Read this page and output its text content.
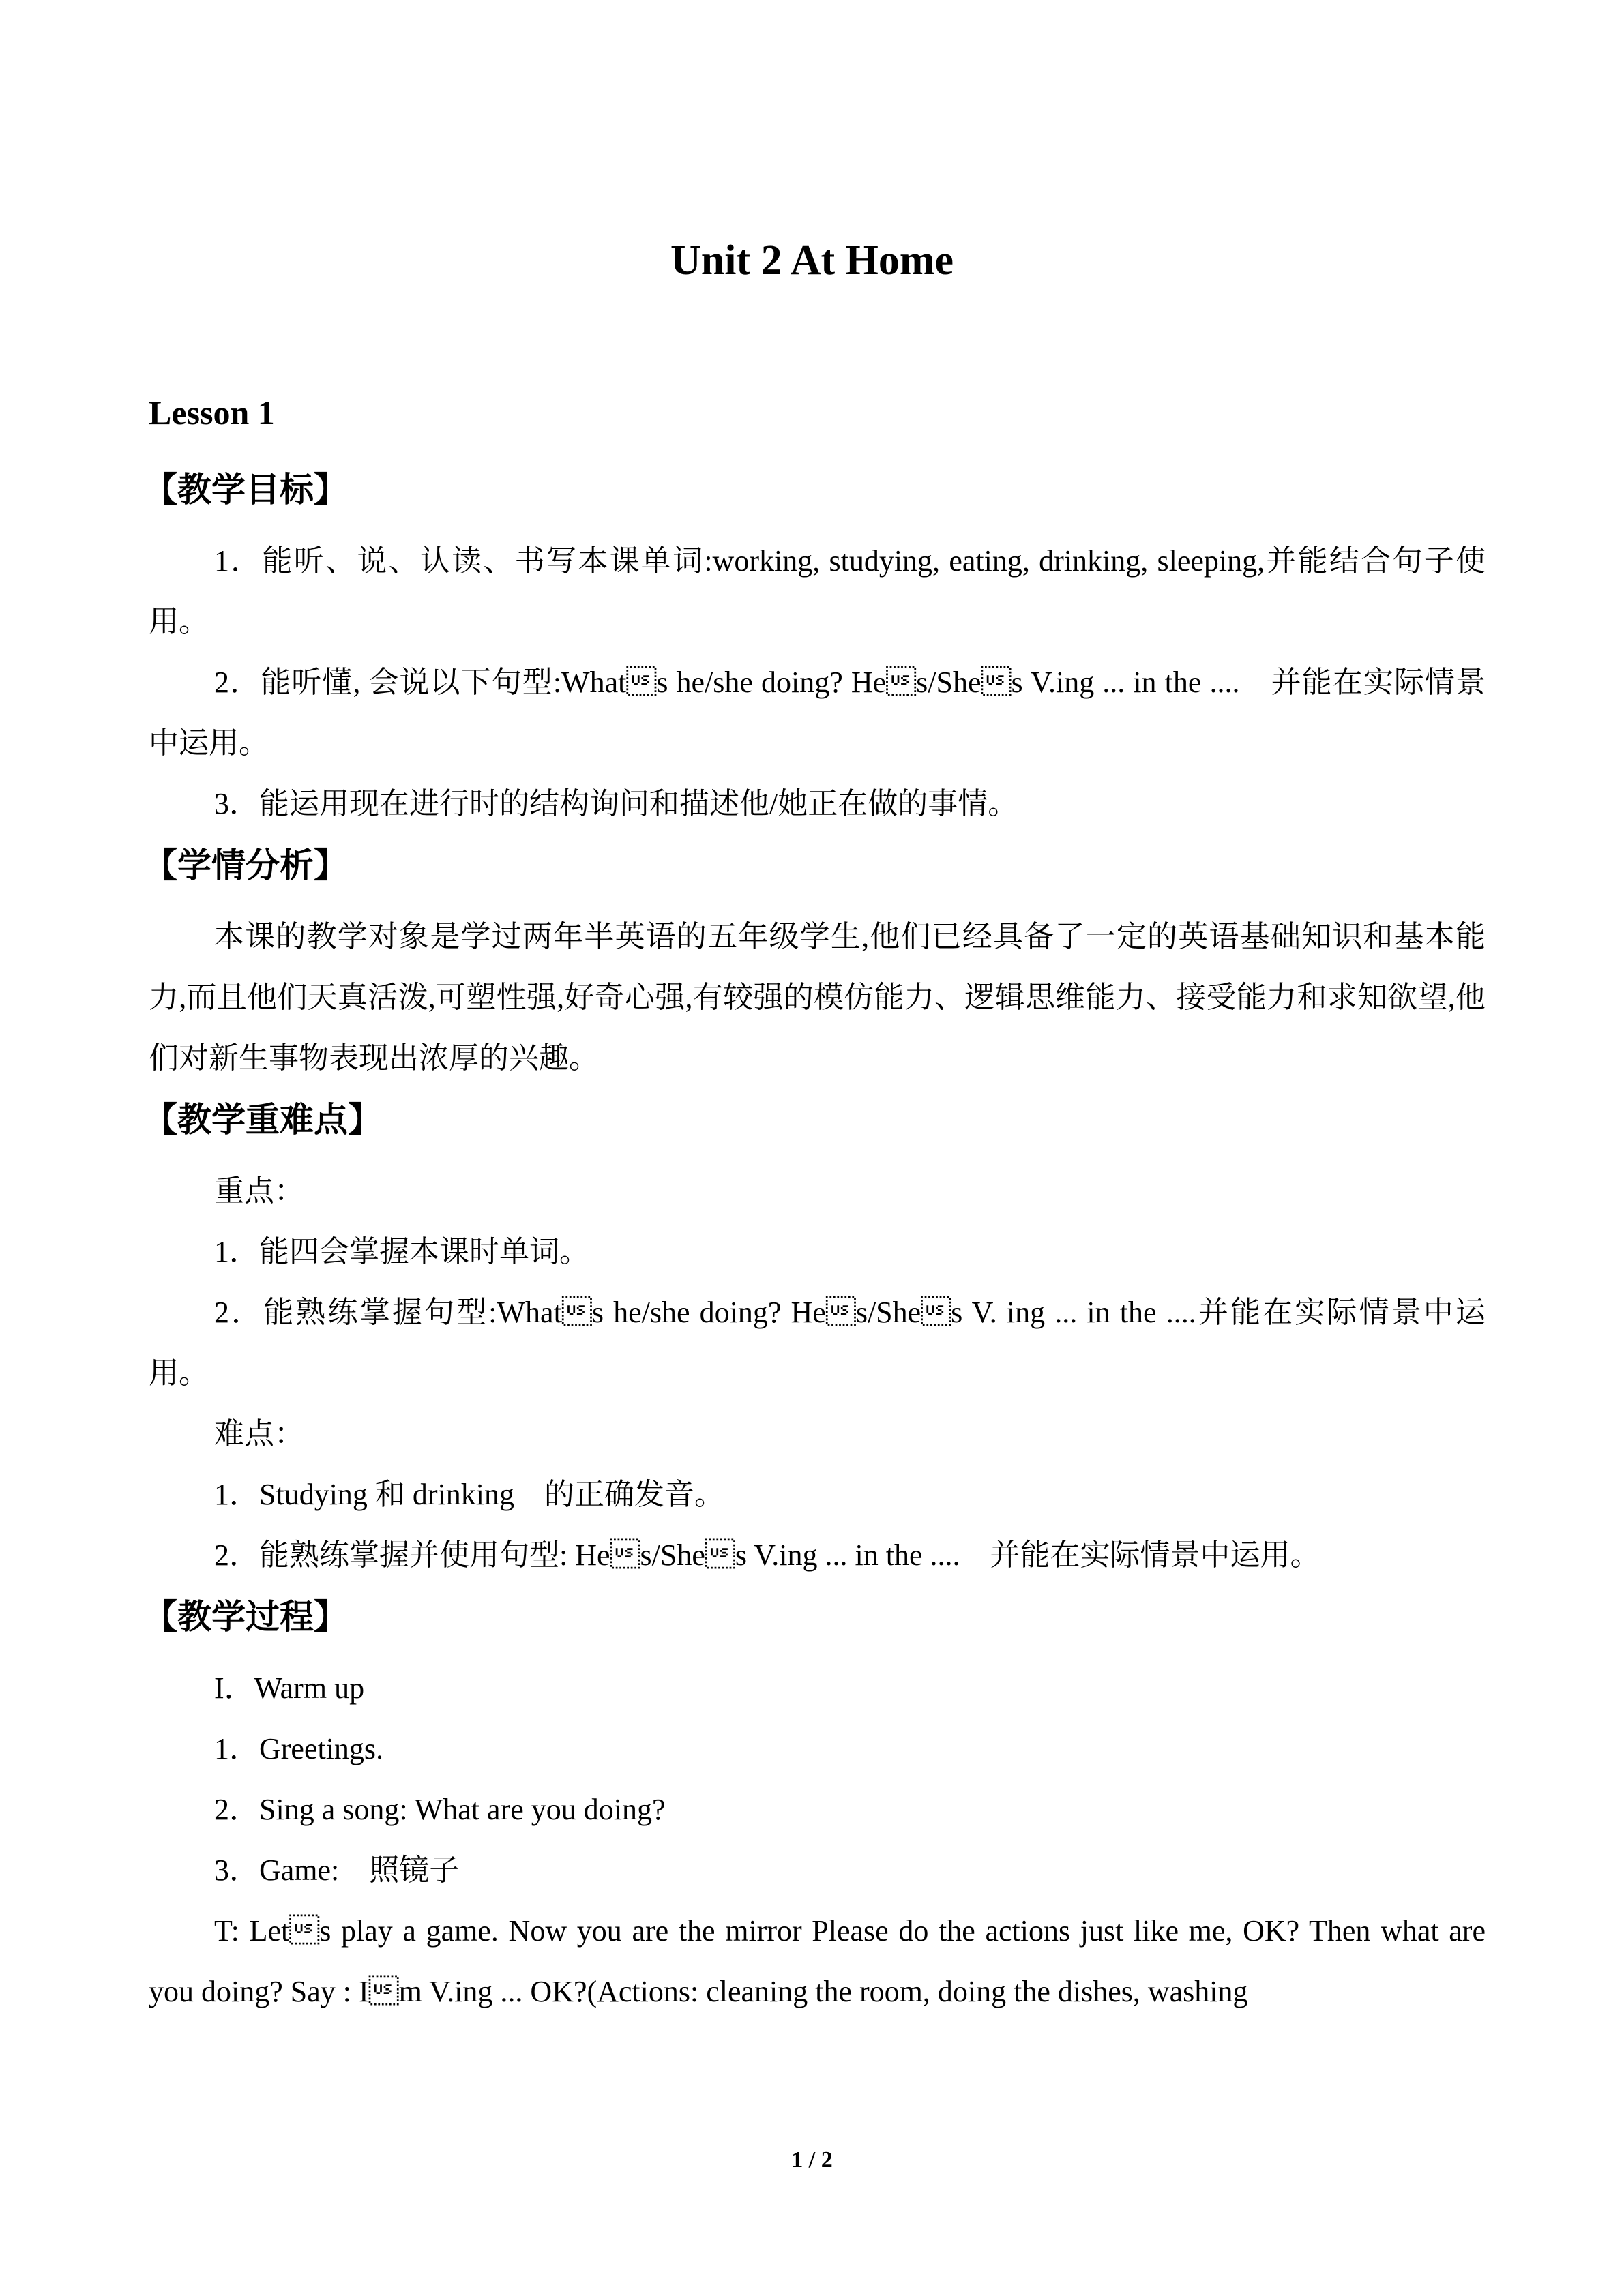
Unit 2 At Home
Lesson 1
【教学目标】

1．能听、说、认读、书写本课单词:working, studying, eating, drinking, sleeping,并能结合句子使用。

2．能听懂, 会说以下句型:Whats he/she doing? Hes/Shes V.ing ... in the ....　并能在实际情景中运用。

3．能运用现在进行时的结构询问和描述他/她正在做的事情。

【学情分析】

本课的教学对象是学过两年半英语的五年级学生,他们已经具备了一定的英语基础知识和基本能力,而且他们天真活泼,可塑性强,好奇心强,有较强的模仿能力、逻辑思维能力、接受能力和求知欲望,他们对新生事物表现出浓厚的兴趣。

【教学重难点】

重点：

1．能四会掌握本课时单词。

2．能熟练掌握句型:Whats he/she doing? Hes/Shes V. ing ... in the ....并能在实际情景中运用。

难点：

1．Studying 和 drinking　的正确发音。

2．能熟练掌握并使用句型: Hes/Shes V.ing ... in the ....　并能在实际情景中运用。

【教学过程】

I．Warm up

1．Greetings.

2．Sing a song: What are you doing?

3．Game:　照镜子

T: Lets play a game. Now you are the mirror Please do the actions just like me, OK? Then what are you doing? Say : Im V.ing ... OK?(Actions: cleaning the room, doing the dishes, washing

1 / 2
